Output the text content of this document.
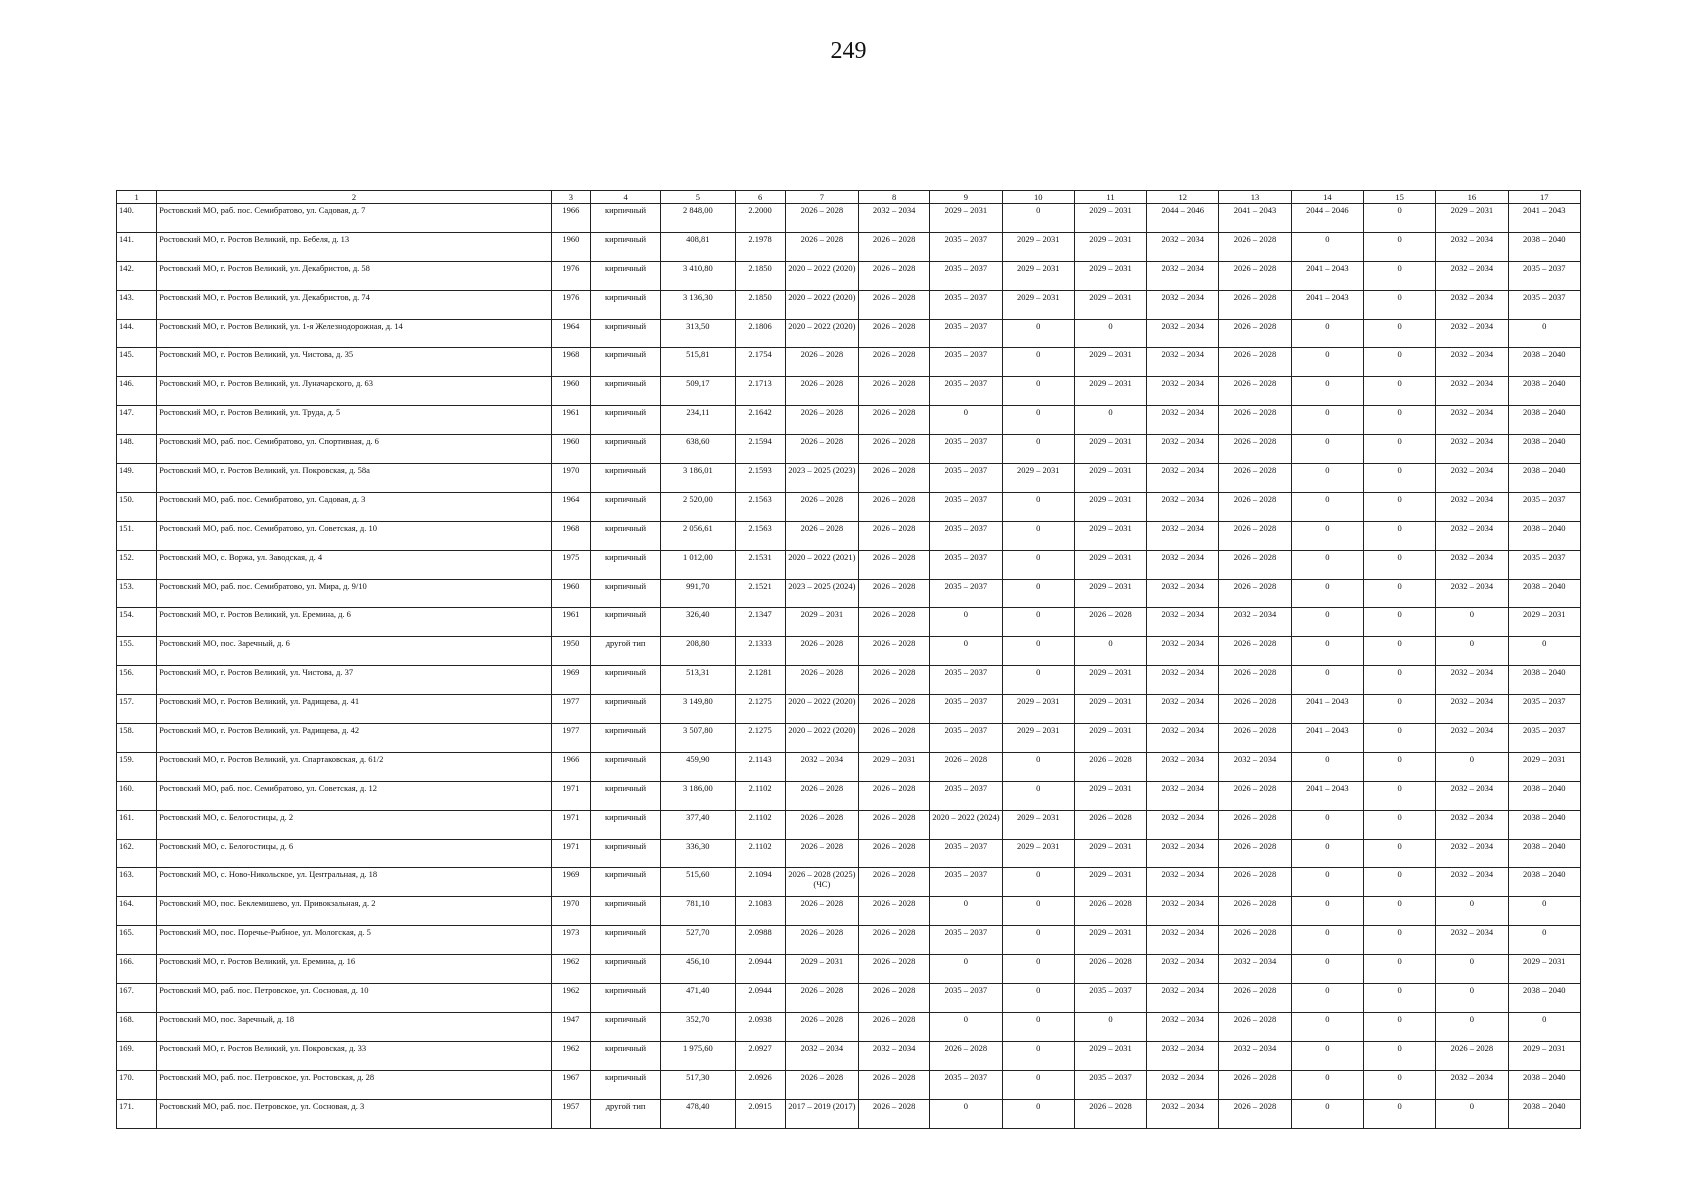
249
1	2	3	4	5	6	7	8	9	10	11	12	13	14	15	16	17
140.	Ростовский МО, раб. пос. Семибратово, ул. Садовая, д. 7	1966	кирпичный	2 848,00	2.2000	2026 – 2028	2032 – 2034	2029 – 2031	0	2029 – 2031	2044 – 2046	2041 – 2043	2044 – 2046	0	2029 – 2031	2041 – 2043
141.	Ростовский МО, г. Ростов Великий, пр. Бебеля, д. 13	1960	кирпичный	408,81	2.1978	2026 – 2028	2026 – 2028	2035 – 2037	2029 – 2031	2029 – 2031	2032 – 2034	2026 – 2028	0	0	2032 – 2034	2038 – 2040
142.	Ростовский МО, г. Ростов Великий, ул. Декабристов, д. 58	1976	кирпичный	3 410,80	2.1850	2020 – 2022 (2020)	2026 – 2028	2035 – 2037	2029 – 2031	2029 – 2031	2032 – 2034	2026 – 2028	2041 – 2043	0	2032 – 2034	2035 – 2037
143.	Ростовский МО, г. Ростов Великий, ул. Декабристов, д. 74	1976	кирпичный	3 136,30	2.1850	2020 – 2022 (2020)	2026 – 2028	2035 – 2037	2029 – 2031	2029 – 2031	2032 – 2034	2026 – 2028	2041 – 2043	0	2032 – 2034	2035 – 2037
144.	Ростовский МО, г. Ростов Великий, ул. 1-я Железнодорожная, д. 14	1964	кирпичный	313,50	2.1806	2020 – 2022 (2020)	2026 – 2028	2035 – 2037	0	0	2032 – 2034	2026 – 2028	0	0	2032 – 2034	0
145.	Ростовский МО, г. Ростов Великий, ул. Чистова, д. 35	1968	кирпичный	515,81	2.1754	2026 – 2028	2026 – 2028	2035 – 2037	0	2029 – 2031	2032 – 2034	2026 – 2028	0	0	2032 – 2034	2038 – 2040
146.	Ростовский МО, г. Ростов Великий, ул. Луначарского, д. 63	1960	кирпичный	509,17	2.1713	2026 – 2028	2026 – 2028	2035 – 2037	0	2029 – 2031	2032 – 2034	2026 – 2028	0	0	2032 – 2034	2038 – 2040
147.	Ростовский МО, г. Ростов Великий, ул. Труда, д. 5	1961	кирпичный	234,11	2.1642	2026 – 2028	2026 – 2028	0	0	0	2032 – 2034	2026 – 2028	0	0	2032 – 2034	2038 – 2040
148.	Ростовский МО, раб. пос. Семибратово, ул. Спортивная, д. 6	1960	кирпичный	638,60	2.1594	2026 – 2028	2026 – 2028	2035 – 2037	0	2029 – 2031	2032 – 2034	2026 – 2028	0	0	2032 – 2034	2038 – 2040
149.	Ростовский МО, г. Ростов Великий, ул. Покровская, д. 58а	1970	кирпичный	3 186,01	2.1593	2023 – 2025 (2023)	2026 – 2028	2035 – 2037	2029 – 2031	2029 – 2031	2032 – 2034	2026 – 2028	0	0	2032 – 2034	2038 – 2040
150.	Ростовский МО, раб. пос. Семибратово, ул. Садовая, д. 3	1964	кирпичный	2 520,00	2.1563	2026 – 2028	2026 – 2028	2035 – 2037	0	2029 – 2031	2032 – 2034	2026 – 2028	0	0	2032 – 2034	2035 – 2037
151.	Ростовский МО, раб. пос. Семибратово, ул. Советская, д. 10	1968	кирпичный	2 056,61	2.1563	2026 – 2028	2026 – 2028	2035 – 2037	0	2029 – 2031	2032 – 2034	2026 – 2028	0	0	2032 – 2034	2038 – 2040
152.	Ростовский МО, с. Воржа, ул. Заводская, д. 4	1975	кирпичный	1 012,00	2.1531	2020 – 2022 (2021)	2026 – 2028	2035 – 2037	0	2029 – 2031	2032 – 2034	2026 – 2028	0	0	2032 – 2034	2035 – 2037
153.	Ростовский МО, раб. пос. Семибратово, ул. Мира, д. 9/10	1960	кирпичный	991,70	2.1521	2023 – 2025 (2024)	2026 – 2028	2035 – 2037	0	2029 – 2031	2032 – 2034	2026 – 2028	0	0	2032 – 2034	2038 – 2040
154.	Ростовский МО, г. Ростов Великий, ул. Еремина, д. 6	1961	кирпичный	326,40	2.1347	2029 – 2031	2026 – 2028	0	0	2026 – 2028	2032 – 2034	2032 – 2034	0	0	0	2029 – 2031
155.	Ростовский МО, пос. Заречный, д. 6	1950	другой тип	208,80	2.1333	2026 – 2028	2026 – 2028	0	0	0	2032 – 2034	2026 – 2028	0	0	0	0
156.	Ростовский МО, г. Ростов Великий, ул. Чистова, д. 37	1969	кирпичный	513,31	2.1281	2026 – 2028	2026 – 2028	2035 – 2037	0	2029 – 2031	2032 – 2034	2026 – 2028	0	0	2032 – 2034	2038 – 2040
157.	Ростовский МО, г. Ростов Великий, ул. Радищева, д. 41	1977	кирпичный	3 149,80	2.1275	2020 – 2022 (2020)	2026 – 2028	2035 – 2037	2029 – 2031	2029 – 2031	2032 – 2034	2026 – 2028	2041 – 2043	0	2032 – 2034	2035 – 2037
158.	Ростовский МО, г. Ростов Великий, ул. Радищева, д. 42	1977	кирпичный	3 507,80	2.1275	2020 – 2022 (2020)	2026 – 2028	2035 – 2037	2029 – 2031	2029 – 2031	2032 – 2034	2026 – 2028	2041 – 2043	0	2032 – 2034	2035 – 2037
159.	Ростовский МО, г. Ростов Великий, ул. Спартаковская, д. 61/2	1966	кирпичный	459,90	2.1143	2032 – 2034	2029 – 2031	2026 – 2028	0	2026 – 2028	2032 – 2034	2032 – 2034	0	0	0	2029 – 2031
160.	Ростовский МО, раб. пос. Семибратово, ул. Советская, д. 12	1971	кирпичный	3 186,00	2.1102	2026 – 2028	2026 – 2028	2035 – 2037	0	2029 – 2031	2032 – 2034	2026 – 2028	2041 – 2043	0	2032 – 2034	2038 – 2040
161.	Ростовский МО, с. Белогостицы, д. 2	1971	кирпичный	377,40	2.1102	2026 – 2028	2026 – 2028	2020 – 2022 (2024)	2029 – 2031	2026 – 2028	2032 – 2034	2026 – 2028	0	0	2032 – 2034	2038 – 2040
162.	Ростовский МО, с. Белогостицы, д. 6	1971	кирпичный	336,30	2.1102	2026 – 2028	2026 – 2028	2035 – 2037	2029 – 2031	2029 – 2031	2032 – 2034	2026 – 2028	0	0	2032 – 2034	2038 – 2040
163.	Ростовский МО, с. Ново-Никольское, ул. Центральная, д. 18	1969	кирпичный	515,60	2.1094	2026 – 2028 (2025) (ЧС)	2026 – 2028	2035 – 2037	0	2029 – 2031	2032 – 2034	2026 – 2028	0	0	2032 – 2034	2038 – 2040
164.	Ростовский МО, пос. Беклемишево, ул. Привокзальная, д. 2	1970	кирпичный	781,10	2.1083	2026 – 2028	2026 – 2028	0	0	2026 – 2028	2032 – 2034	2026 – 2028	0	0	0	0
165.	Ростовский МО, пос. Поречье-Рыбное, ул. Мологская, д. 5	1973	кирпичный	527,70	2.0988	2026 – 2028	2026 – 2028	2035 – 2037	0	2029 – 2031	2032 – 2034	2026 – 2028	0	0	2032 – 2034	0
166.	Ростовский МО, г. Ростов Великий, ул. Еремина, д. 16	1962	кирпичный	456,10	2.0944	2029 – 2031	2026 – 2028	0	0	2026 – 2028	2032 – 2034	2032 – 2034	0	0	0	2029 – 2031
167.	Ростовский МО, раб. пос. Петровское, ул. Сосновая, д. 10	1962	кирпичный	471,40	2.0944	2026 – 2028	2026 – 2028	2035 – 2037	0	2035 – 2037	2032 – 2034	2026 – 2028	0	0	0	2038 – 2040
168.	Ростовский МО, пос. Заречный, д. 18	1947	кирпичный	352,70	2.0938	2026 – 2028	2026 – 2028	0	0	0	2032 – 2034	2026 – 2028	0	0	0	0
169.	Ростовский МО, г. Ростов Великий, ул. Покровская, д. 33	1962	кирпичный	1 975,60	2.0927	2032 – 2034	2032 – 2034	2026 – 2028	0	2029 – 2031	2032 – 2034	2032 – 2034	0	0	2026 – 2028	2029 – 2031
170.	Ростовский МО, раб. пос. Петровское, ул. Ростовская, д. 28	1967	кирпичный	517,30	2.0926	2026 – 2028	2026 – 2028	2035 – 2037	0	2035 – 2037	2032 – 2034	2026 – 2028	0	0	2032 – 2034	2038 – 2040
171.	Ростовский МО, раб. пос. Петровское, ул. Сосновая, д. 3	1957	другой тип	478,40	2.0915	2017 – 2019 (2017)	2026 – 2028	0	0	2026 – 2028	2032 – 2034	2026 – 2028	0	0	0	2038 – 2040
